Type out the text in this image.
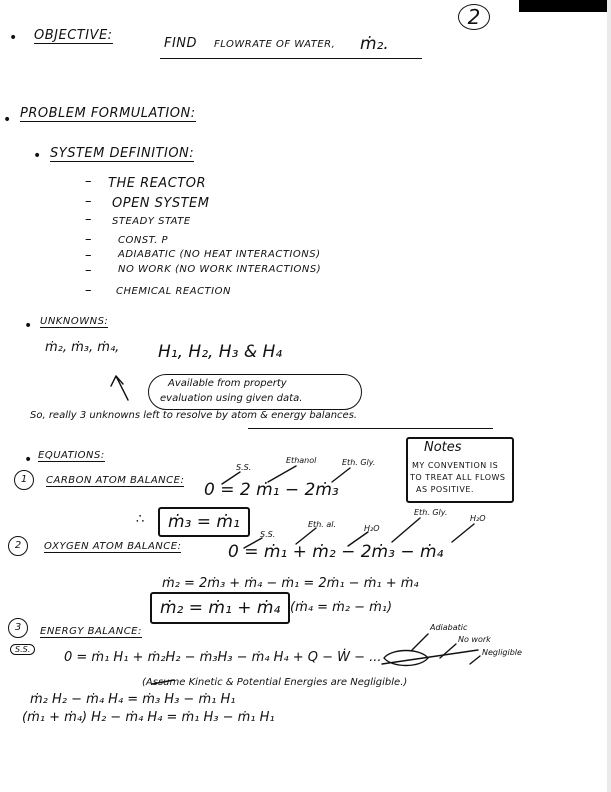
2
• OBJECTIVE:
FIND FLOWRATE OF WATER, ṁ₂.
• PROBLEM FORMULATION:
• SYSTEM DEFINITION:
– THE REACTOR
– OPEN SYSTEM
– STEADY STATE
–	CONST. P
–	ADIABATIC (NO HEAT INTERACTIONS)
–	NO WORK (NO WORK INTERACTIONS)
– CHEMICAL REACTION
• UNKNOWNS:
ṁ₂, ṁ₃, ṁ₄, H₁, H₂, H₃ & H₄
Available from property
evaluation using given data.
So, really 3 unknowns left to resolve by atom & energy balances.
• EQUATIONS:
Notes
MY CONVENTION IS
TO TREAT ALL FLOWS
AS POSITIVE.
1	CARBON ATOM BALANCE:
S.S.
Ethanol	Eth. Gly.
0 = 2 ṁ₁ − 2ṁ₃
∴	ṁ₃ = ṁ₁
2	OXYGEN ATOM BALANCE:
S.S.
Eth. al.	H₂O
Eth. Gly.
H₂O
0 = ṁ₁ + ṁ₂ − 2ṁ₃ − ṁ₄
ṁ₂ = 2ṁ₃ + ṁ₄ − ṁ₁ = 2ṁ₁ − ṁ₁ + ṁ₄
ṁ₂ = ṁ₁ + ṁ₄ (ṁ₄ = ṁ₂ − ṁ₁)
3	ENERGY BALANCE:
S.S.
0 = ṁ₁ H₁ + ṁ₂H₂ − ṁ₃H₃ − ṁ₄ H₄ + Q − Ẇ − ...
Adiabatic
No work
Negligible
(Assume Kinetic & Potential Energies are Negligible.)
ṁ₂ H₂ − ṁ₄ H₄ = ṁ₃ H₃ − ṁ₁ H₁
(ṁ₁ + ṁ₄) H₂ − ṁ₄ H₄ = ṁ₁ H₃ − ṁ₁ H₁
